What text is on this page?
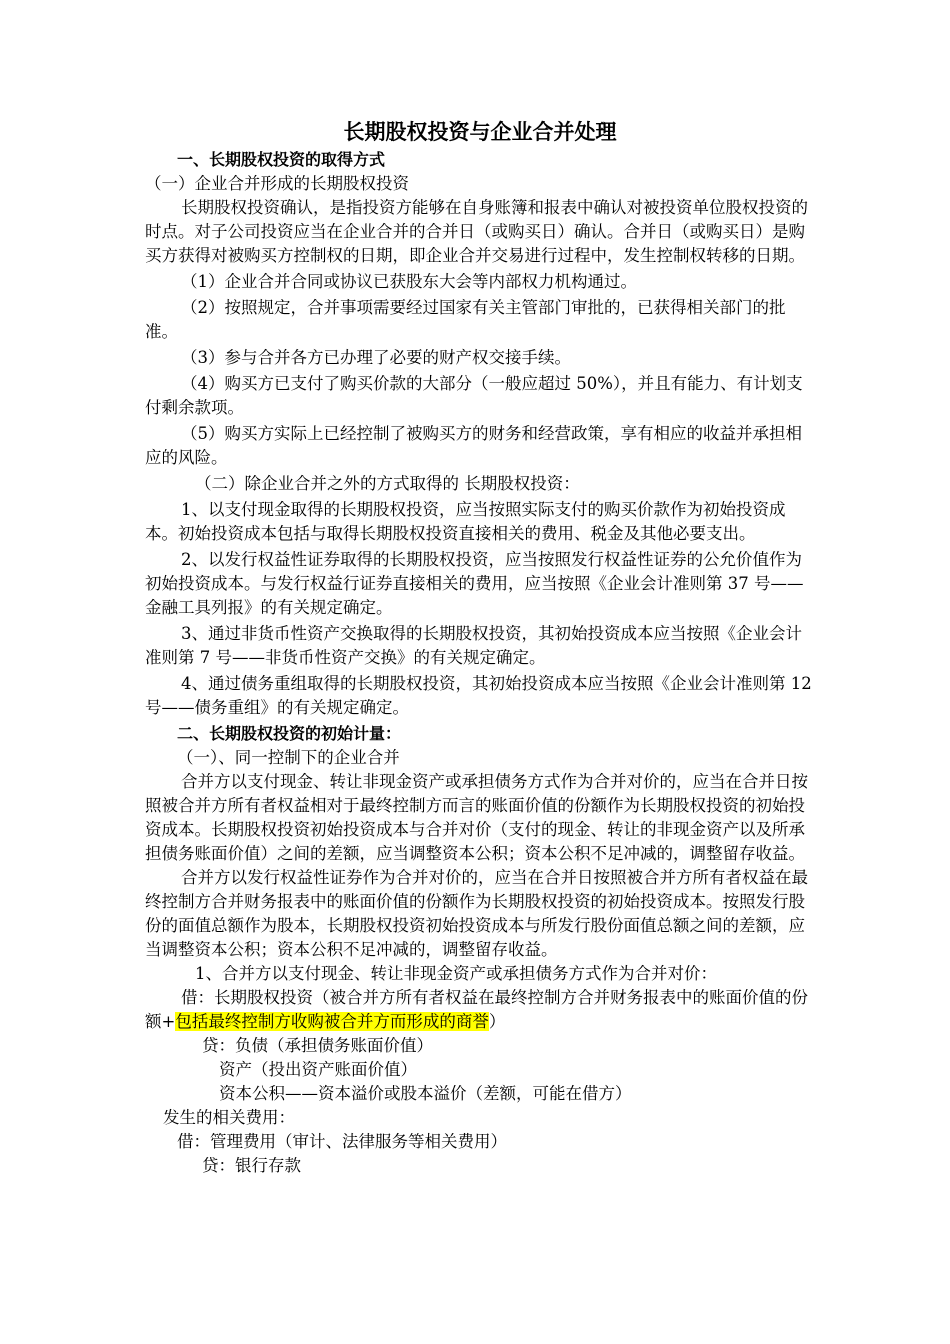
长期股权投资与企业合并处理

一、长期股权投资的取得方式

（一）企业合并形成的长期股权投资

长期股权投资确认，是指投资方能够在自身账簿和报表中确认对被投资单位股权投资的时点。对子公司投资应当在企业合并的合并日（或购买日）确认。合并日（或购买日）是购买方获得对被购买方控制权的日期，即企业合并交易进行过程中，发生控制权转移的日期。

（1）企业合并合同或协议已获股东大会等内部权力机构通过。

（2）按照规定，合并事项需要经过国家有关主管部门审批的，已获得相关部门的批准。

（3）参与合并各方已办理了必要的财产权交接手续。

（4）购买方已支付了购买价款的大部分（一般应超过 50%），并且有能力、有计划支付剩余款项。

（5）购买方实际上已经控制了被购买方的财务和经营政策，享有相应的收益并承担相应的风险。

（二）除企业合并之外的方式取得的 长期股权投资：

1、以支付现金取得的长期股权投资，应当按照实际支付的购买价款作为初始投资成本。初始投资成本包括与取得长期股权投资直接相关的费用、税金及其他必要支出。

2、以发行权益性证券取得的长期股权投资，应当按照发行权益性证券的公允价值作为初始投资成本。与发行权益行证券直接相关的费用，应当按照《企业会计准则第 37 号——金融工具列报》的有关规定确定。

3、通过非货币性资产交换取得的长期股权投资，其初始投资成本应当按照《企业会计准则第 7 号——非货币性资产交换》的有关规定确定。

4、通过债务重组取得的长期股权投资，其初始投资成本应当按照《企业会计准则第 12 号——债务重组》的有关规定确定。

二、长期股权投资的初始计量：

（一）、同一控制下的企业合并

合并方以支付现金、转让非现金资产或承担债务方式作为合并对价的，应当在合并日按照被合并方所有者权益相对于最终控制方而言的账面价值的份额作为长期股权投资的初始投资成本。长期股权投资初始投资成本与合并对价（支付的现金、转让的非现金资产以及所承担债务账面价值）之间的差额，应当调整资本公积；资本公积不足冲减的，调整留存收益。

合并方以发行权益性证券作为合并对价的，应当在合并日按照被合并方所有者权益在最终控制方合并财务报表中的账面价值的份额作为长期股权投资的初始投资成本。按照发行股份的面值总额作为股本，长期股权投资初始投资成本与所发行股份面值总额之间的差额，应当调整资本公积；资本公积不足冲减的，调整留存收益。

1、合并方以支付现金、转让非现金资产或承担债务方式作为合并对价：

借：长期股权投资（被合并方所有者权益在最终控制方合并财务报表中的账面价值的份额+包括最终控制方收购被合并方而形成的商誉）

贷：负债（承担债务账面价值）

资产（投出资产账面价值）

资本公积——资本溢价或股本溢价（差额，可能在借方）

发生的相关费用：

借：管理费用（审计、法律服务等相关费用）

贷：银行存款
